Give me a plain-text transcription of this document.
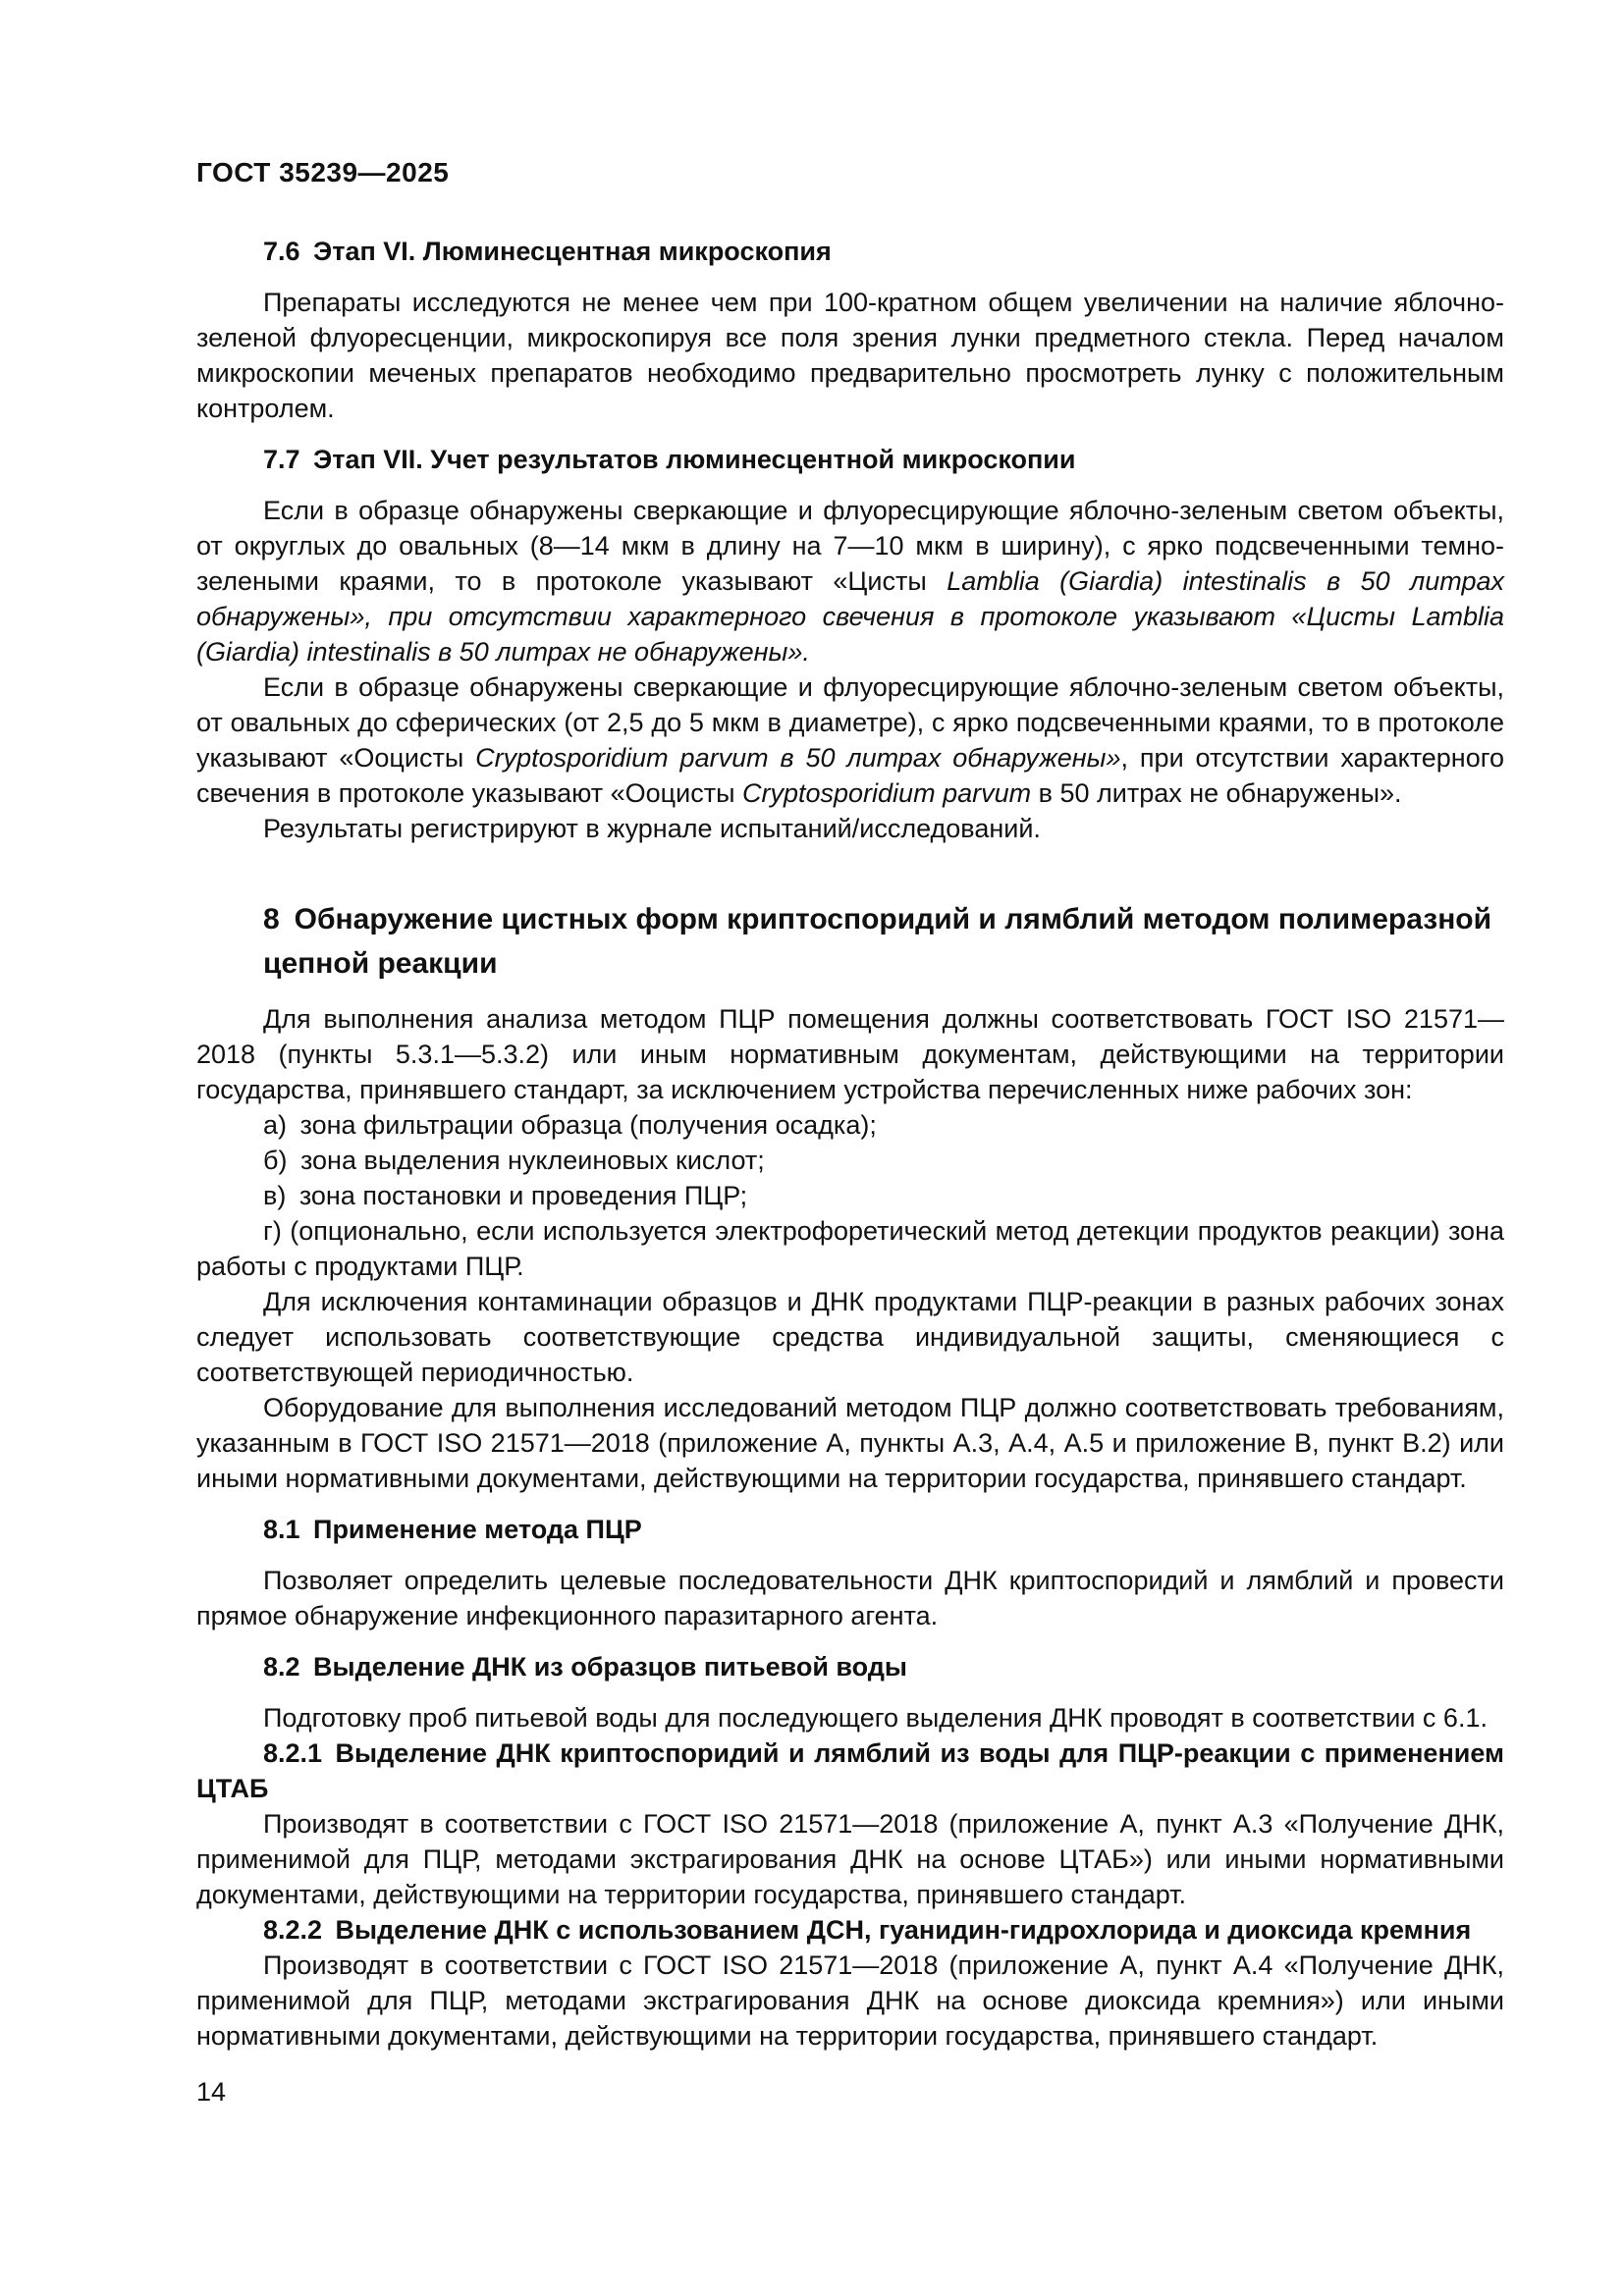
ГОСТ 35239—2025
7.6 Этап VI. Люминесцентная микроскопия

Препараты исследуются не менее чем при 100-кратном общем увеличении на наличие яблочно-зеленой флуоресценции, микроскопируя все поля зрения лунки предметного стекла. Перед началом микроскопии меченых препаратов необходимо предварительно просмотреть лунку с положительным контролем.

7.7 Этап VII. Учет результатов люминесцентной микроскопии

Если в образце обнаружены сверкающие и флуоресцирующие яблочно-зеленым светом объекты, от округлых до овальных (8—14 мкм в длину на 7—10 мкм в ширину), с ярко подсвеченными темно-зелеными краями, то в протоколе указывают «Цисты Lamblia (Giardia) intestinalis в 50 литрах обнаружены», при отсутствии характерного свечения в протоколе указывают «Цисты Lamblia (Giardia) intestinalis в 50 литрах не обнаружены».

Если в образце обнаружены сверкающие и флуоресцирующие яблочно-зеленым светом объекты, от овальных до сферических (от 2,5 до 5 мкм в диаметре), с ярко подсвеченными краями, то в протоколе указывают «Ооцисты Cryptosporidium parvum в 50 литрах обнаружены», при отсутствии характерного свечения в протоколе указывают «Ооцисты Cryptosporidium parvum в 50 литрах не обнаружены».

Результаты регистрируют в журнале испытаний/исследований.

8 Обнаружение цистных форм криптоспоридий и лямблий методом полимеразной цепной реакции

Для выполнения анализа методом ПЦР помещения должны соответствовать ГОСТ ISO 21571—2018 (пункты 5.3.1—5.3.2) или иным нормативным документам, действующими на территории государства, принявшего стандарт, за исключением устройства перечисленных ниже рабочих зон:

а) зона фильтрации образца (получения осадка);

б) зона выделения нуклеиновых кислот;

в) зона постановки и проведения ПЦР;

г) (опционально, если используется электрофоретический метод детекции продуктов реакции) зона работы с продуктами ПЦР.

Для исключения контаминации образцов и ДНК продуктами ПЦР-реакции в разных рабочих зонах следует использовать соответствующие средства индивидуальной защиты, сменяющиеся с соответствующей периодичностью.

Оборудование для выполнения исследований методом ПЦР должно соответствовать требованиям, указанным в ГОСТ ISO 21571—2018 (приложение А, пункты А.3, А.4, А.5 и приложение В, пункт В.2) или иными нормативными документами, действующими на территории государства, принявшего стандарт.

8.1 Применение метода ПЦР

Позволяет определить целевые последовательности ДНК криптоспоридий и лямблий и провести прямое обнаружение инфекционного паразитарного агента.

8.2 Выделение ДНК из образцов питьевой воды

Подготовку проб питьевой воды для последующего выделения ДНК проводят в соответствии с 6.1.

8.2.1 Выделение ДНК криптоспоридий и лямблий из воды для ПЦР-реакции с применением ЦТАБ

Производят в соответствии с ГОСТ ISO 21571—2018 (приложение А, пункт А.3 «Получение ДНК, применимой для ПЦР, методами экстрагирования ДНК на основе ЦТАБ») или иными нормативными документами, действующими на территории государства, принявшего стандарт.

8.2.2 Выделение ДНК с использованием ДСН, гуанидин-гидрохлорида и диоксида кремния

Производят в соответствии с ГОСТ ISO 21571—2018 (приложение А, пункт А.4 «Получение ДНК, применимой для ПЦР, методами экстрагирования ДНК на основе диоксида кремния») или иными нормативными документами, действующими на территории государства, принявшего стандарт.

14
